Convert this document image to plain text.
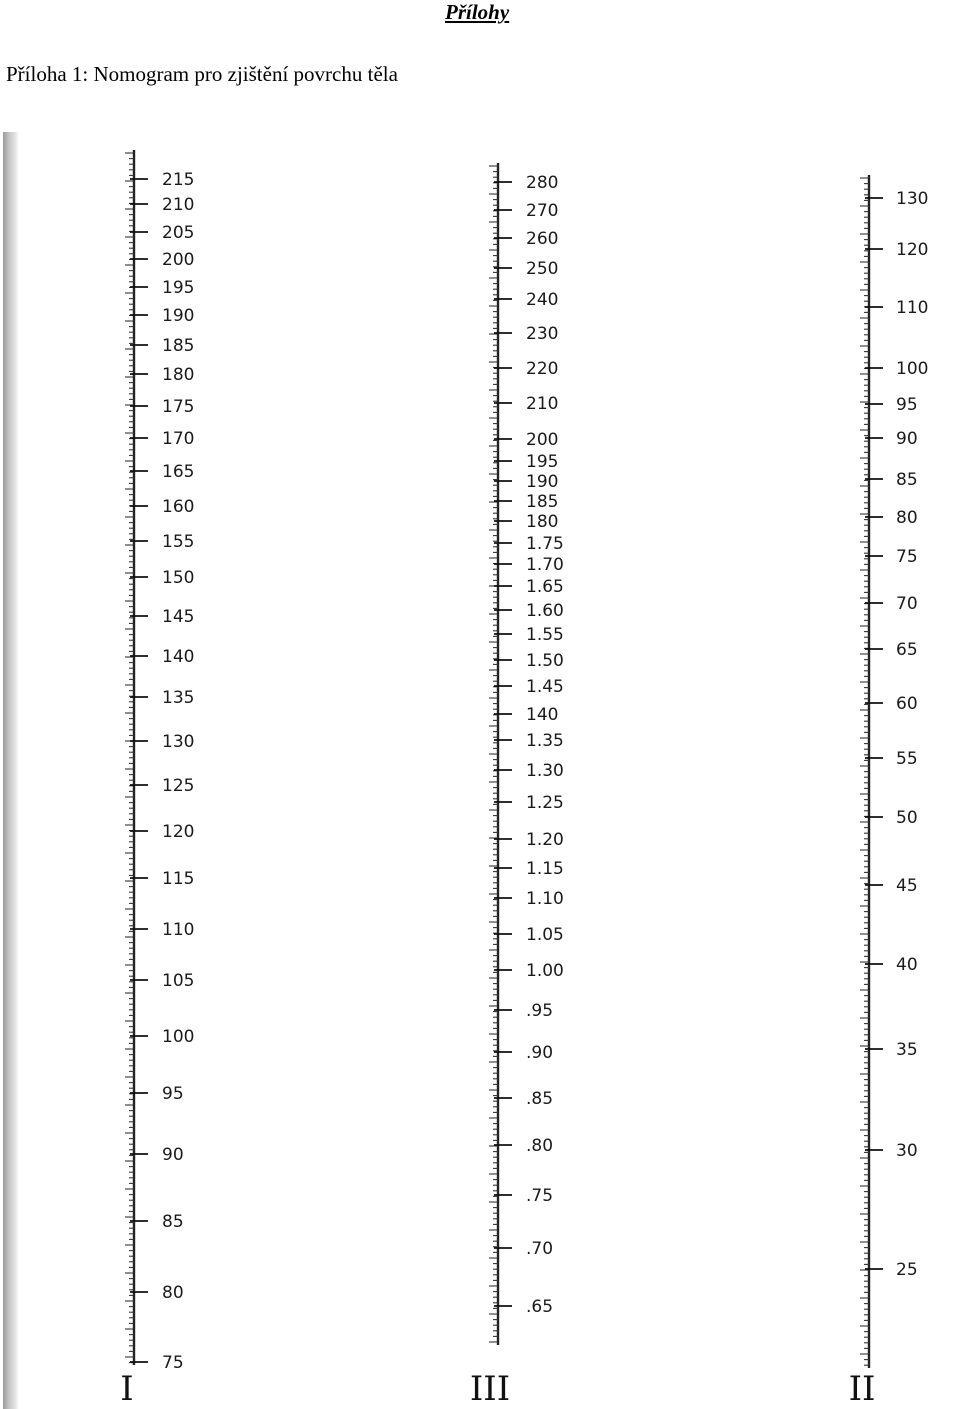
Přílohy
Příloha 1: Nomogram pro zjištění povrchu těla
215
210
205
200
195
190
185
180
175
170
165
160
155
150
145
140
135
130
125
120
115
110
105
100
95
90
85
80
75
I
280
270
260
250
240
230
220
210
200
195
190
185
180
1.75
1.70
1.65
1.60
1.55
1.50
1.45
140
1.35
1.30
1.25
1.20
1.15
1.10
1.05
1.00
.95
.90
.85
.80
.75
.70
.65
III
130
120
110
100
95
90
85
80
75
70
65
60
55
50
45
40
35
30
25
II
